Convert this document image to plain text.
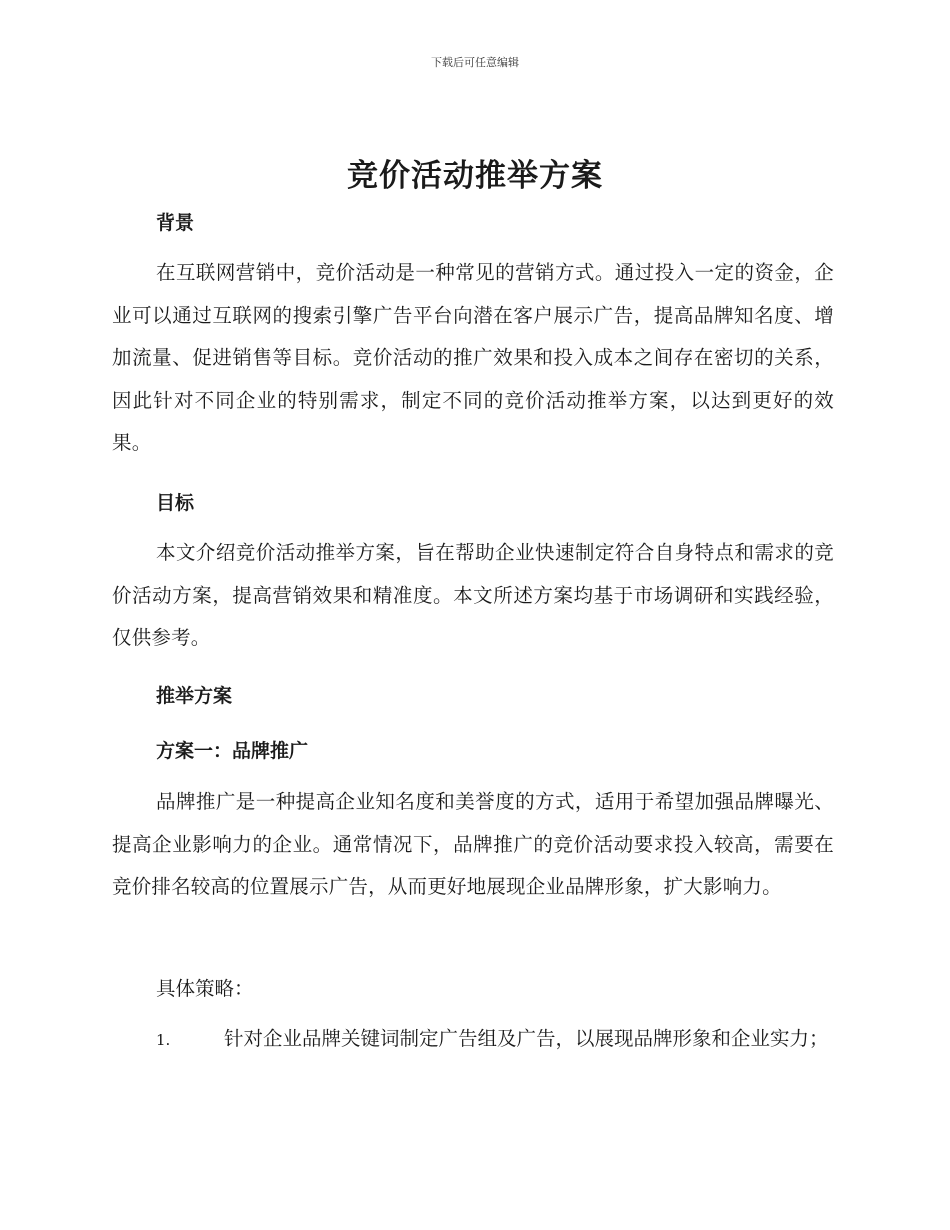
下载后可任意编辑
竞价活动推举方案
背景

在互联网营销中，竞价活动是一种常见的营销方式。通过投入一定的资金，企业可以通过互联网的搜索引擎广告平台向潜在客户展示广告，提高品牌知名度、增加流量、促进销售等目标。竞价活动的推广效果和投入成本之间存在密切的关系，因此针对不同企业的特别需求，制定不同的竞价活动推举方案，以达到更好的效果。

目标

本文介绍竞价活动推举方案，旨在帮助企业快速制定符合自身特点和需求的竞价活动方案，提高营销效果和精准度。本文所述方案均基于市场调研和实践经验，仅供参考。

推举方案
方案一：品牌推广

品牌推广是一种提高企业知名度和美誉度的方式，适用于希望加强品牌曝光、提高企业影响力的企业。通常情况下，品牌推广的竞价活动要求投入较高，需要在竞价排名较高的位置展示广告，从而更好地展现企业品牌形象，扩大影响力。

具体策略：

1.	针对企业品牌关键词制定广告组及广告，以展现品牌形象和企业实力；
